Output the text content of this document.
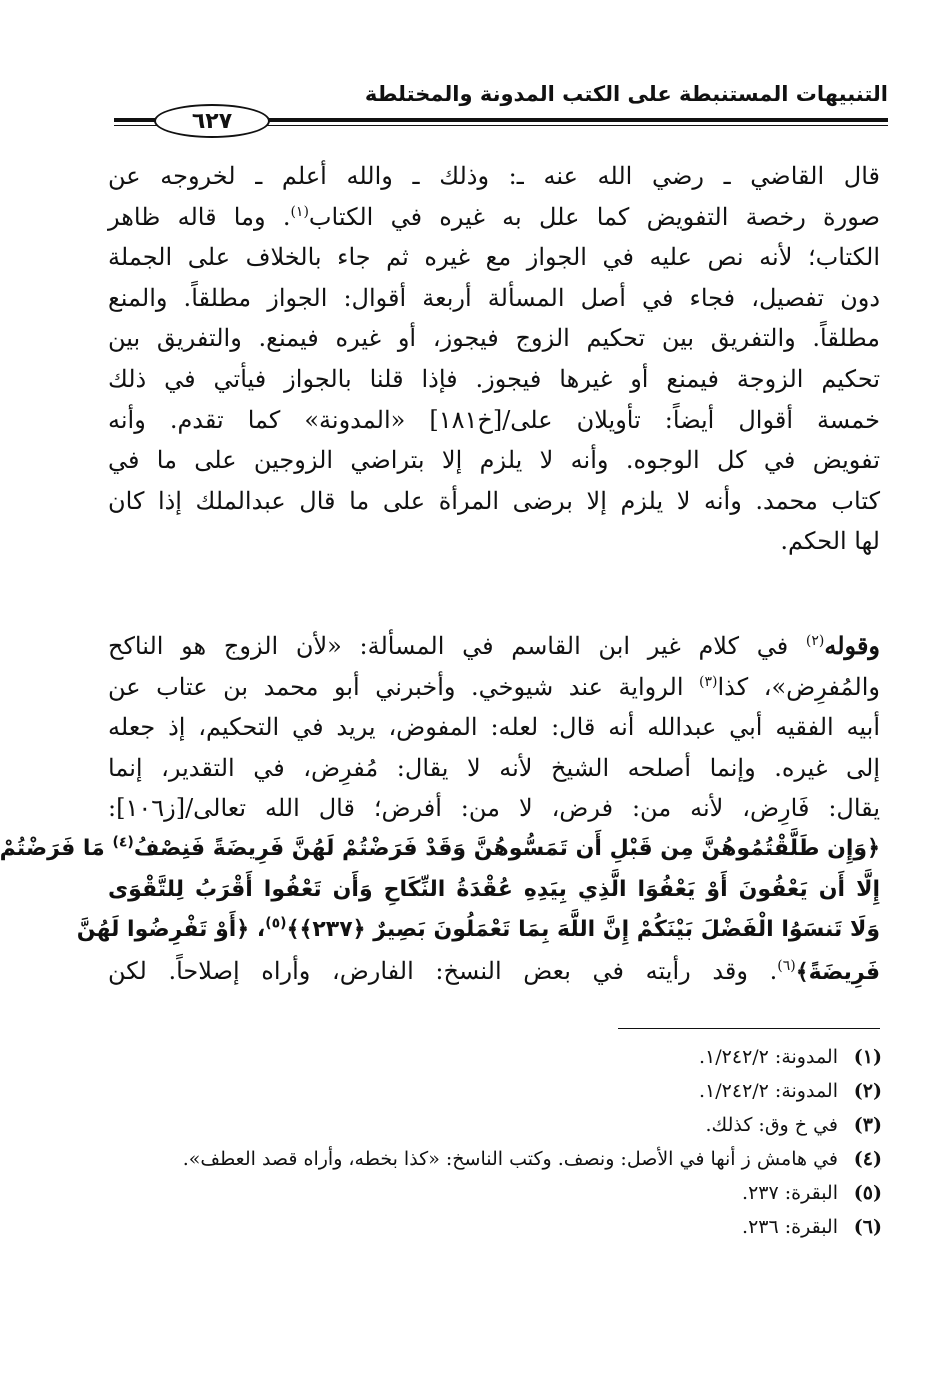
التنبيهات المستنبطة على الكتب المدونة والمختلطة
٦٢٧
قال القاضي ـ رضي الله عنه ـ: وذلك ـ والله أعلم ـ لخروجه عن
صورة رخصة التفويض كما علل به غيره في الكتاب$^{(١)}$. وما قاله ظاهر
الكتاب؛ لأنه نص عليه في الجواز مع غيره ثم جاء بالخلاف على الجملة
دون تفصيل، فجاء في أصل المسألة أربعة أقوال: الجواز مطلقاً. والمنع
مطلقاً. والتفريق بين تحكيم الزوج فيجوز، أو غيره فيمنع. والتفريق بين
تحكيم الزوجة فيمنع أو غيرها فيجوز. فإذا قلنا بالجواز فيأتي في ذلك
خمسة أقوال أيضاً: تأويلان على/[خ١٨١] «المدونة» كما تقدم. وأنه
تفويض في كل الوجوه. وأنه لا يلزم إلا بتراضي الزوجين على ما في
كتاب محمد. وأنه لا يلزم إلا برضى المرأة على ما قال عبدالملك إذا كان
لها الحكم.
وقوله$^{(٢)}$ في كلام غير ابن القاسم في المسألة: «لأن الزوج هو الناكح
والمُفرِض»، كذا$^{(٣)}$ الرواية عند شيوخي. وأخبرني أبو محمد بن عتاب عن
أبيه الفقيه أبي عبدالله أنه قال: لعله: المفوض، يريد في التحكيم، إذ جعله
إلى غيره. وإنما أصلحه الشيخ لأنه لا يقال: مُفرِض، في التقدير، إنما
يقال: فَارِض، لأنه من: فرض، لا من: أفرض؛ قال الله تعالى/[ز١٠٦]:
﴿وَإِن طَلَّقْتُمُوهُنَّ مِن قَبْلِ أَن تَمَسُّوهُنَّ وَقَدْ فَرَضْتُمْ لَهُنَّ فَرِيضَةً فَنِصْفُ$^{(٤)}$ مَا فَرَضْتُمْ
إِلَّا أَن يَعْفُونَ أَوْ يَعْفُوَا الَّذِي بِيَدِهِ عُقْدَةُ النِّكَاحِ وَأَن تَعْفُوا أَقْرَبُ لِلتَّقْوَى
وَلَا تَنسَوُا الْفَضْلَ بَيْنَكُمْ إِنَّ اللَّهَ بِمَا تَعْمَلُونَ بَصِيرٌ ﴿٢٣٧﴾﴾$^{(٥)}$، ﴿أَوْ تَفْرِضُوا لَهُنَّ
فَرِيضَةً﴾$^{(٦)}$. وقد رأيته في بعض النسخ: الفارض، وأراه إصلاحاً. لكن
(١)
المدونة: ١/٢٤٢/٢.
(٢)
المدونة: ١/٢٤٢/٢.
(٣)
في خ وق: كذلك.
(٤)
في هامش ز أنها في الأصل: ونصف. وكتب الناسخ: «كذا بخطه، وأراه قصد العطف».
(٥)
البقرة: ٢٣٧.
(٦)
البقرة: ٢٣٦.
